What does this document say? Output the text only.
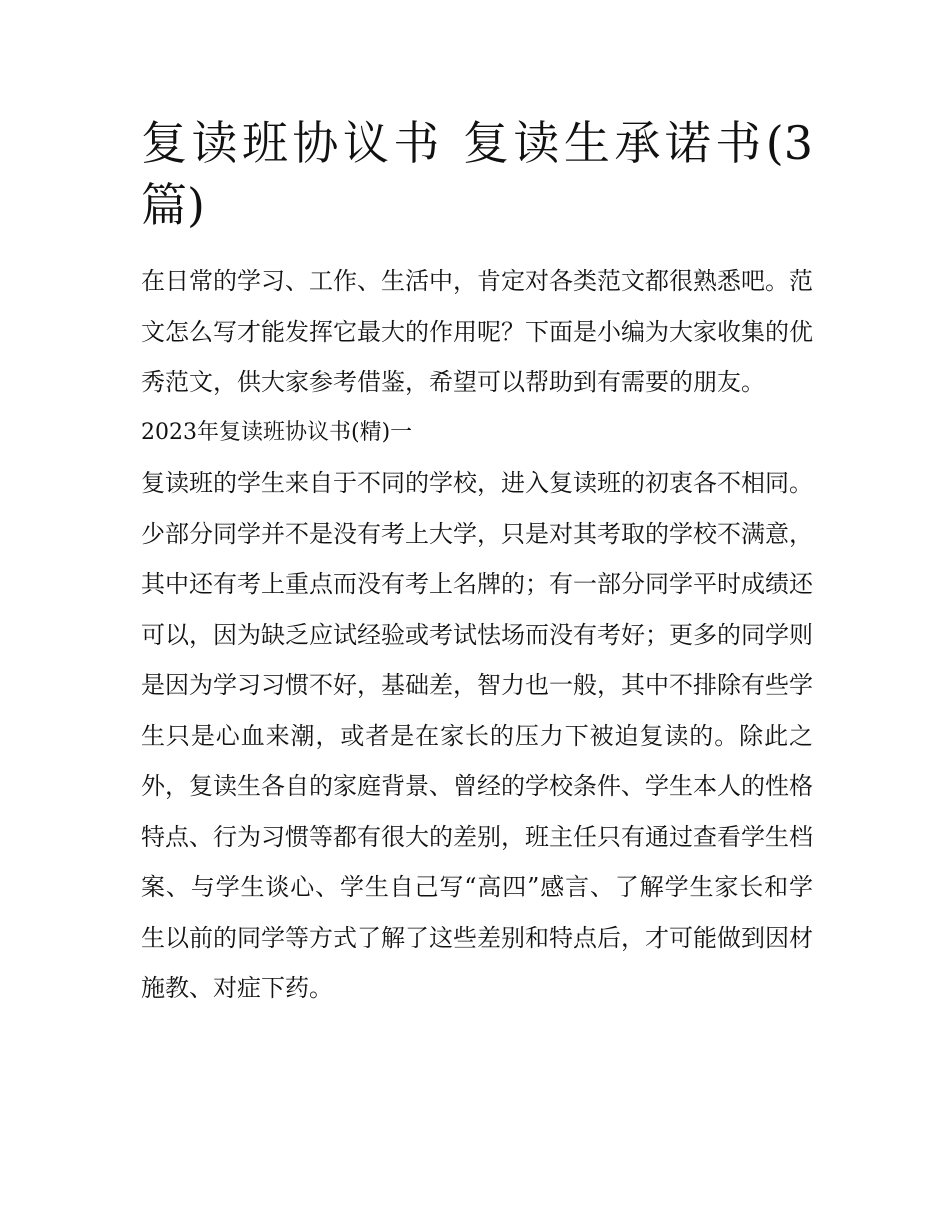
复读班协议书 复读生承诺书(3篇)

在日常的学习、工作、生活中，肯定对各类范文都很熟悉吧。范文怎么写才能发挥它最大的作用呢？下面是小编为大家收集的优秀范文，供大家参考借鉴，希望可以帮助到有需要的朋友。

2023年复读班协议书(精)一

复读班的学生来自于不同的学校，进入复读班的初衷各不相同。少部分同学并不是没有考上大学，只是对其考取的学校不满意，其中还有考上重点而没有考上名牌的；有一部分同学平时成绩还可以，因为缺乏应试经验或考试怯场而没有考好；更多的同学则是因为学习习惯不好，基础差，智力也一般，其中不排除有些学生只是心血来潮，或者是在家长的压力下被迫复读的。除此之外，复读生各自的家庭背景、曾经的学校条件、学生本人的性格特点、行为习惯等都有很大的差别，班主任只有通过查看学生档案、与学生谈心、学生自己写“高四”感言、了解学生家长和学生以前的同学等方式了解了这些差别和特点后，才可能做到因材施教、对症下药。
